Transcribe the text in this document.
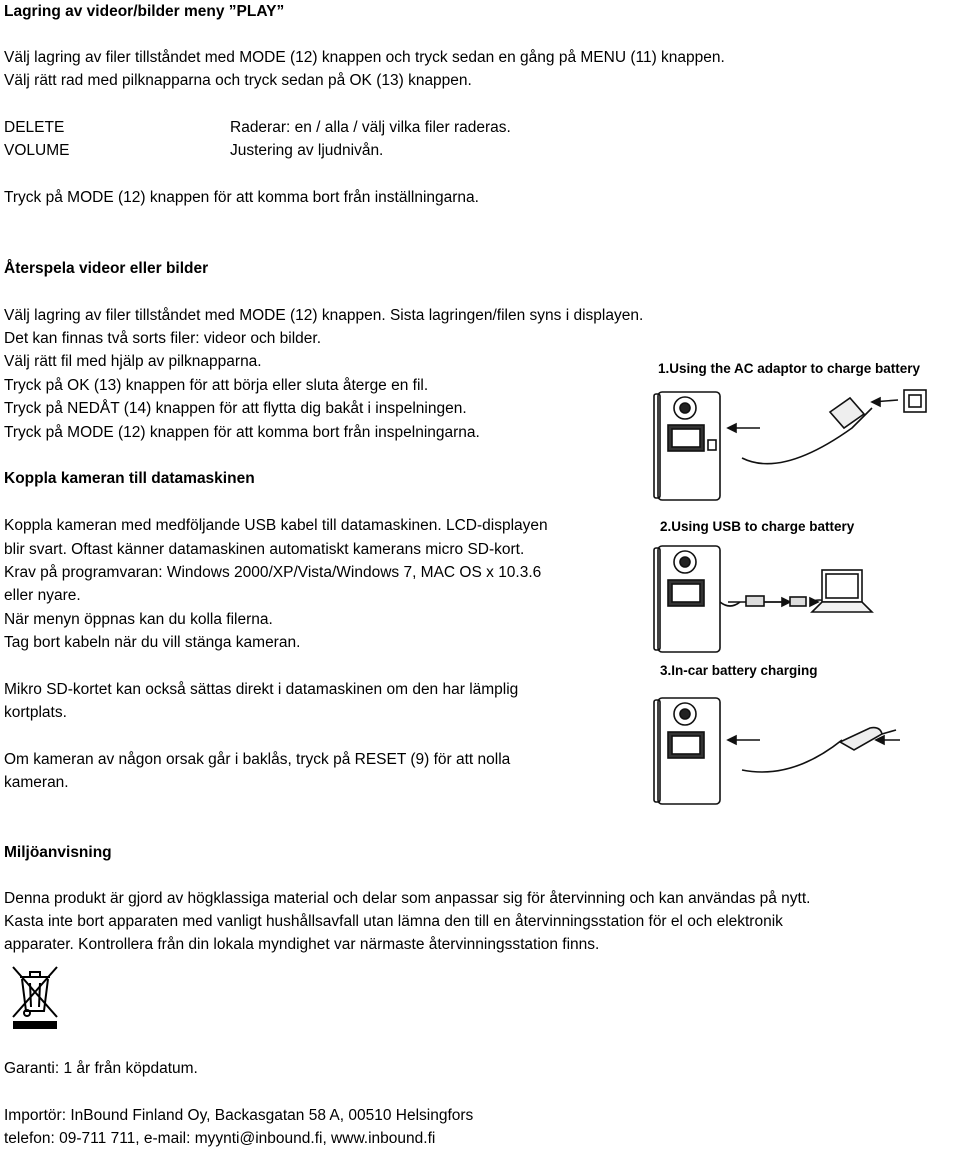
Lagring av videor/bilder meny ”PLAY”
Välj lagring av filer tillståndet med MODE (12) knappen och tryck sedan en gång på MENU (11) knappen.
Välj rätt rad med pilknapparna och tryck sedan på OK (13) knappen.
DELETE	Raderar: en / alla / välj vilka filer raderas.
VOLUME	Justering av ljudnivån.
Tryck på MODE (12) knappen för att komma bort från inställningarna.
Återspela videor eller bilder
Välj lagring av filer tillståndet med MODE (12) knappen. Sista lagringen/filen syns i displayen.
Det kan finnas två sorts filer: videor och bilder.
Välj rätt fil med hjälp av pilknapparna.
Tryck på OK (13) knappen för att börja eller sluta återge en fil.
Tryck på NEDÅT (14) knappen för att flytta dig bakåt i inspelningen.
Tryck på MODE (12) knappen för att komma bort från inspelningarna.
Koppla kameran till datamaskinen
Koppla kameran med medföljande USB kabel till datamaskinen. LCD-displayen
blir svart. Oftast känner datamaskinen automatiskt kamerans micro SD-kort.
Krav på programvaran: Windows 2000/XP/Vista/Windows 7, MAC OS x 10.3.6
eller nyare.
När menyn öppnas kan du kolla filerna.
Tag bort kabeln när du vill stänga kameran.
Mikro SD-kortet kan också sättas direkt i datamaskinen om den har lämplig
kortplats.
Om kameran av någon orsak går i baklås, tryck på RESET (9) för att nolla
kameran.
1.Using the AC adaptor to charge battery
2.Using USB to charge battery
3.In-car battery charging
Miljöanvisning
Denna produkt är gjord av högklassiga material och delar som anpassar sig för återvinning och kan användas på nytt.
Kasta inte bort apparaten med vanligt hushållsavfall utan lämna den till en återvinningsstation för el och elektronik
apparater. Kontrollera från din lokala myndighet var närmaste återvinningsstation finns.
Garanti: 1 år från köpdatum.
Importör: InBound Finland Oy, Backasgatan 58 A, 00510 Helsingfors
telefon: 09-711 711, e-mail: myynti@inbound.fi, www.inbound.fi
